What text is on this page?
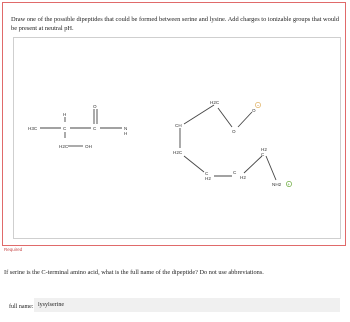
Draw one of the possible dipeptides that could be formed between serine and lysine. Add charges to ionizable groups that would be present at neutral pH.
H3C
H
C
O
C	N
H
H2C	OH
CH
H2C
O
O
H2C
C
H2
H2
C
C
H2
NH2
−
+
Required
If serine is the C-terminal amino acid, what is the full name of the dipeptide? Do not use abbreviations.
full name:
lysylserine
